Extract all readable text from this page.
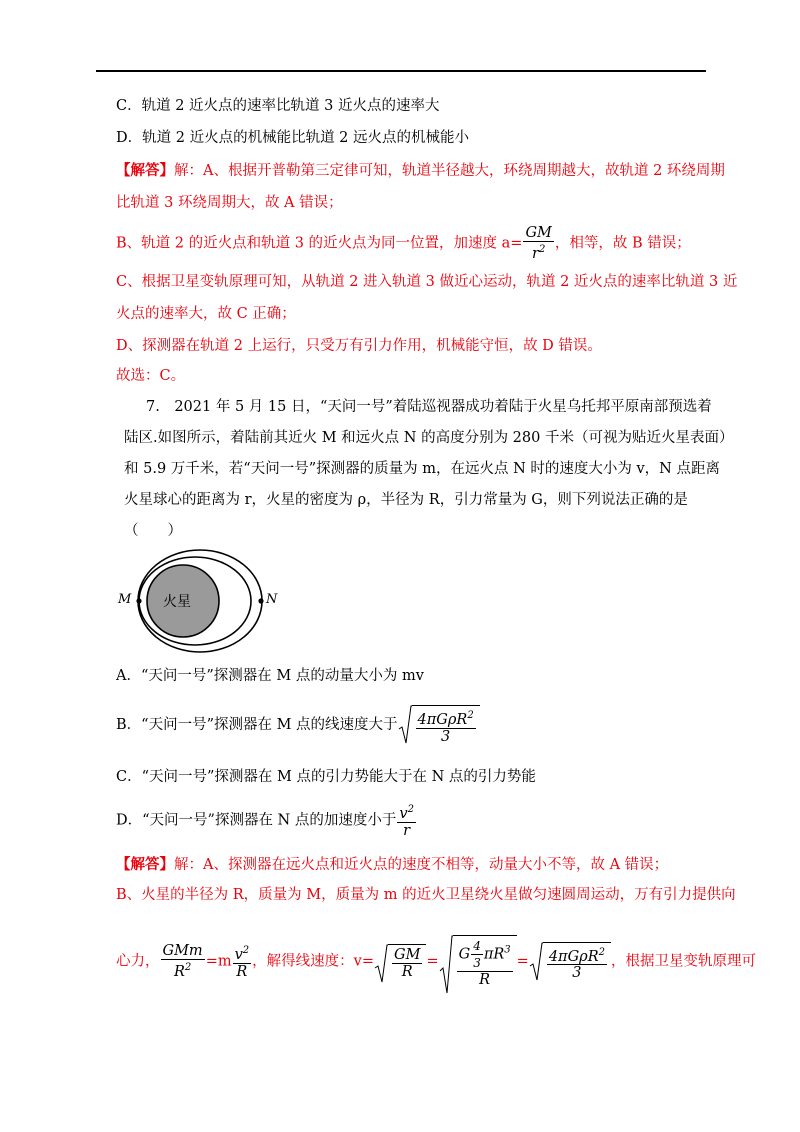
C．轨道 2 近火点的速率比轨道 3 近火点的速率大
D．轨道 2 近火点的机械能比轨道 2 远火点的机械能小
【解答】解：A、根据开普勒第三定律可知，轨道半径越大，环绕周期越大，故轨道 2 环绕周期
比轨道 3 环绕周期大，故 A 错误；
B、轨道 2 的近火点和轨道 3 的近火点为同一位置，加速度 $a= \frac{GM}{r^2}$ ，相等，故 B 错误；
C、根据卫星变轨原理可知，从轨道 2 进入轨道 3 做近心运动，轨道 2 近火点的速率比轨道 3 近
火点的速率大，故 C 正确；
D、探测器在轨道 2 上运行，只受万有引力作用，机械能守恒，故 D 错误。
故选：C。
7.　2021 年 5 月 15 日，“天问一号”着陆巡视器成功着陆于火星乌托邦平原南部预选着
陆区.如图所示，着陆前其近火 M 和远火点 N 的高度分别为 280 千米（可视为贴近火星表面）
和 5.9 万千米，若“天问一号”探测器的质量为 m，在远火点 N 时的速度大小为 v，N 点距离
火星球心的距离为 r，火星的密度为 ρ，半径为 R，引力常量为 G，则下列说法正确的是
（　　）
火星
M	N
A．“天问一号”探测器在 M 点的动量大小为 mv
B．“天问一号”探测器在 M 点的线速度大于 $\frac{4\pi G\rho R^2}{3}$
C．“天问一号”探测器在 M 点的引力势能大于在 N 点的引力势能
D．“天问一号”探测器在 N 点的加速度小于 $\frac{v^2}{r}$
【解答】解：A、探测器在远火点和近火点的速度不相等，动量大小不等，故 A 错误；
B、火星的半径为 R，质量为 M，质量为 m 的近火卫星绕火星做匀速圆周运动，万有引力提供向
心力， $\frac{\text{GMm}}{R^2} =m \frac{v^2}{R}$ ，解得线速度：$v= \frac{GM}{R} = \frac{G \frac{4}{3} \pi R^3}{R} = \frac{4\pi G\rho R^2}{3}$ ，根据卫星变轨原理可
